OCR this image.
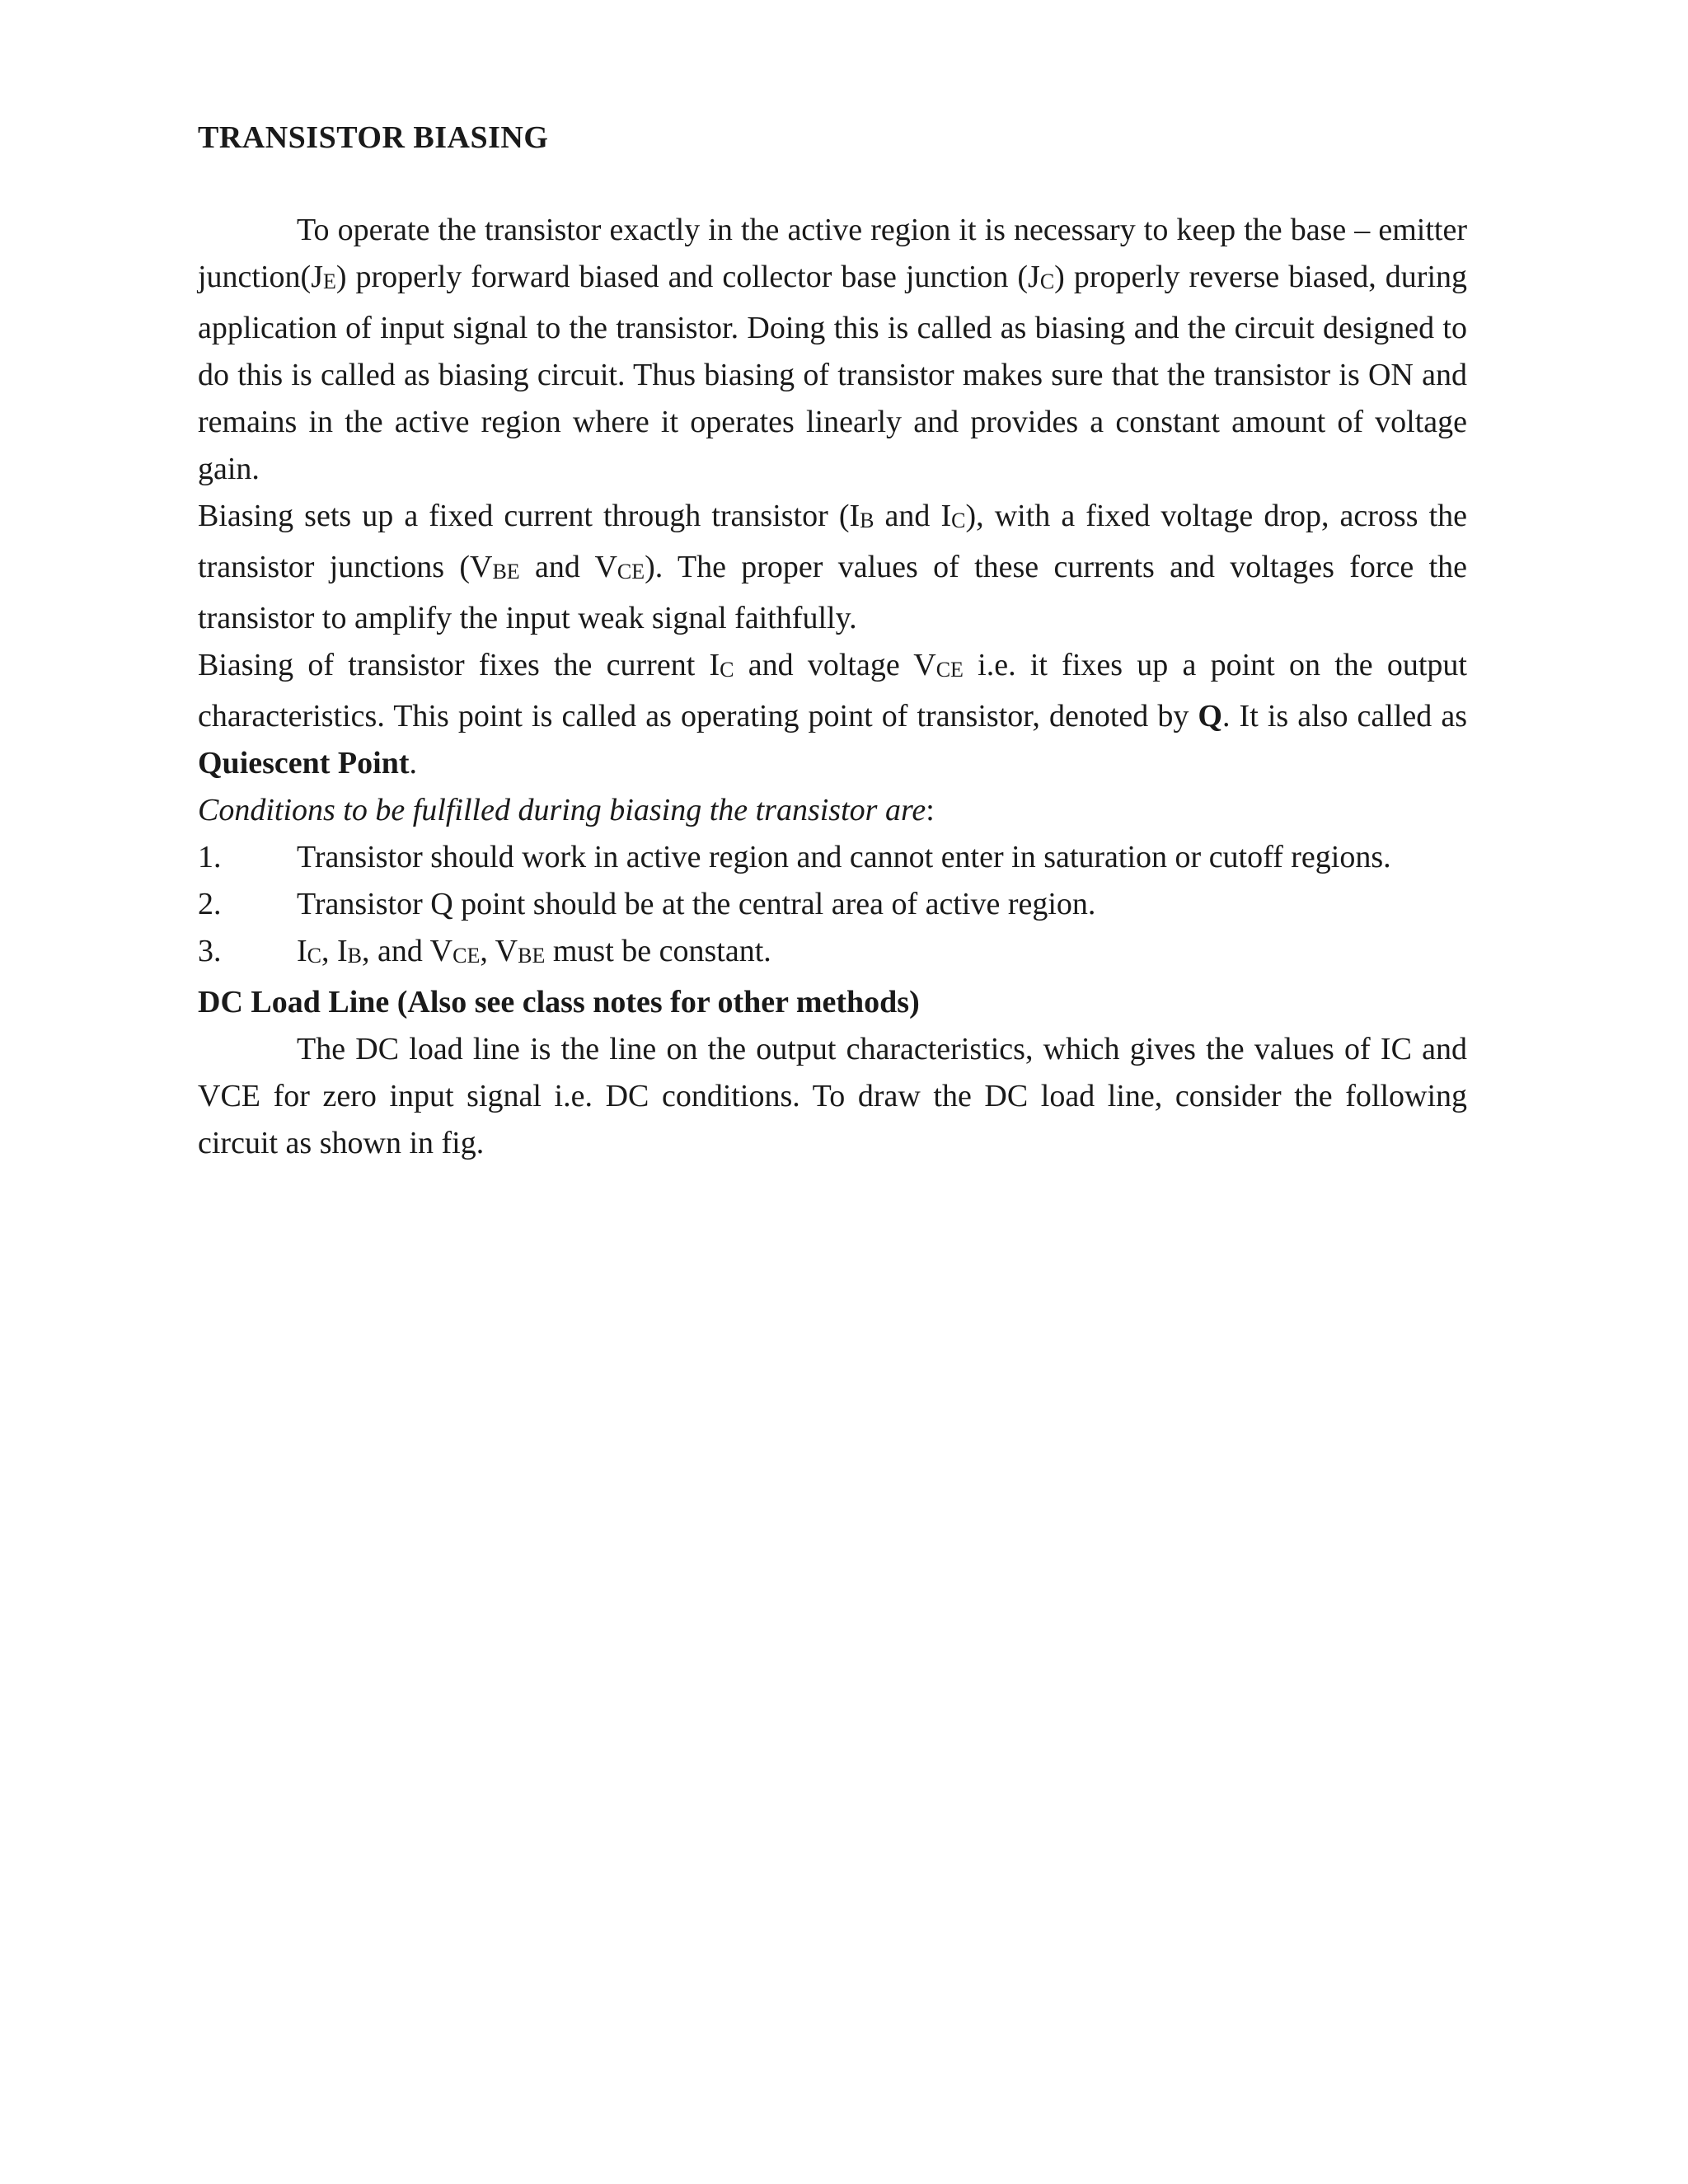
TRANSISTOR BIASING

To operate the transistor exactly in the active region it is necessary to keep the base – emitter $junction(J_E)$ properly forward biased and collector base junction $(J_C)$ properly reverse biased, during application of input signal to the transistor. Doing this is called as biasing and the circuit designed to do this is called as biasing circuit. Thus biasing of transistor makes sure that the transistor is ON and remains in the active region where it operates linearly and provides a constant amount of voltage gain.

Biasing sets up a fixed current through transistor ($I_B$ and $I_C$), with a fixed voltage drop, across the transistor junctions ($V_{BE}$ and $V_{CE}$). The proper values of these currents and voltages force the transistor to amplify the input weak signal faithfully.

Biasing of transistor fixes the current $I_C$ and voltage $V_{CE}$ i.e. it fixes up a point on the output characteristics. This point is called as operating point of transistor, denoted by Q. It is also called as Quiescent Point.

Conditions to be fulfilled during biasing the transistor are:

1. Transistor should work in active region and cannot enter in saturation or cutoff regions.

2. Transistor Q point should be at the central area of active region.

3. $I_C$, $I_B$, and $V_{CE}$, $V_{BE}$ must be constant.

DC Load Line (Also see class notes for other methods)

The DC load line is the line on the output characteristics, which gives the values of IC and VCE for zero input signal i.e. DC conditions. To draw the DC load line, consider the following circuit as shown in fig.
